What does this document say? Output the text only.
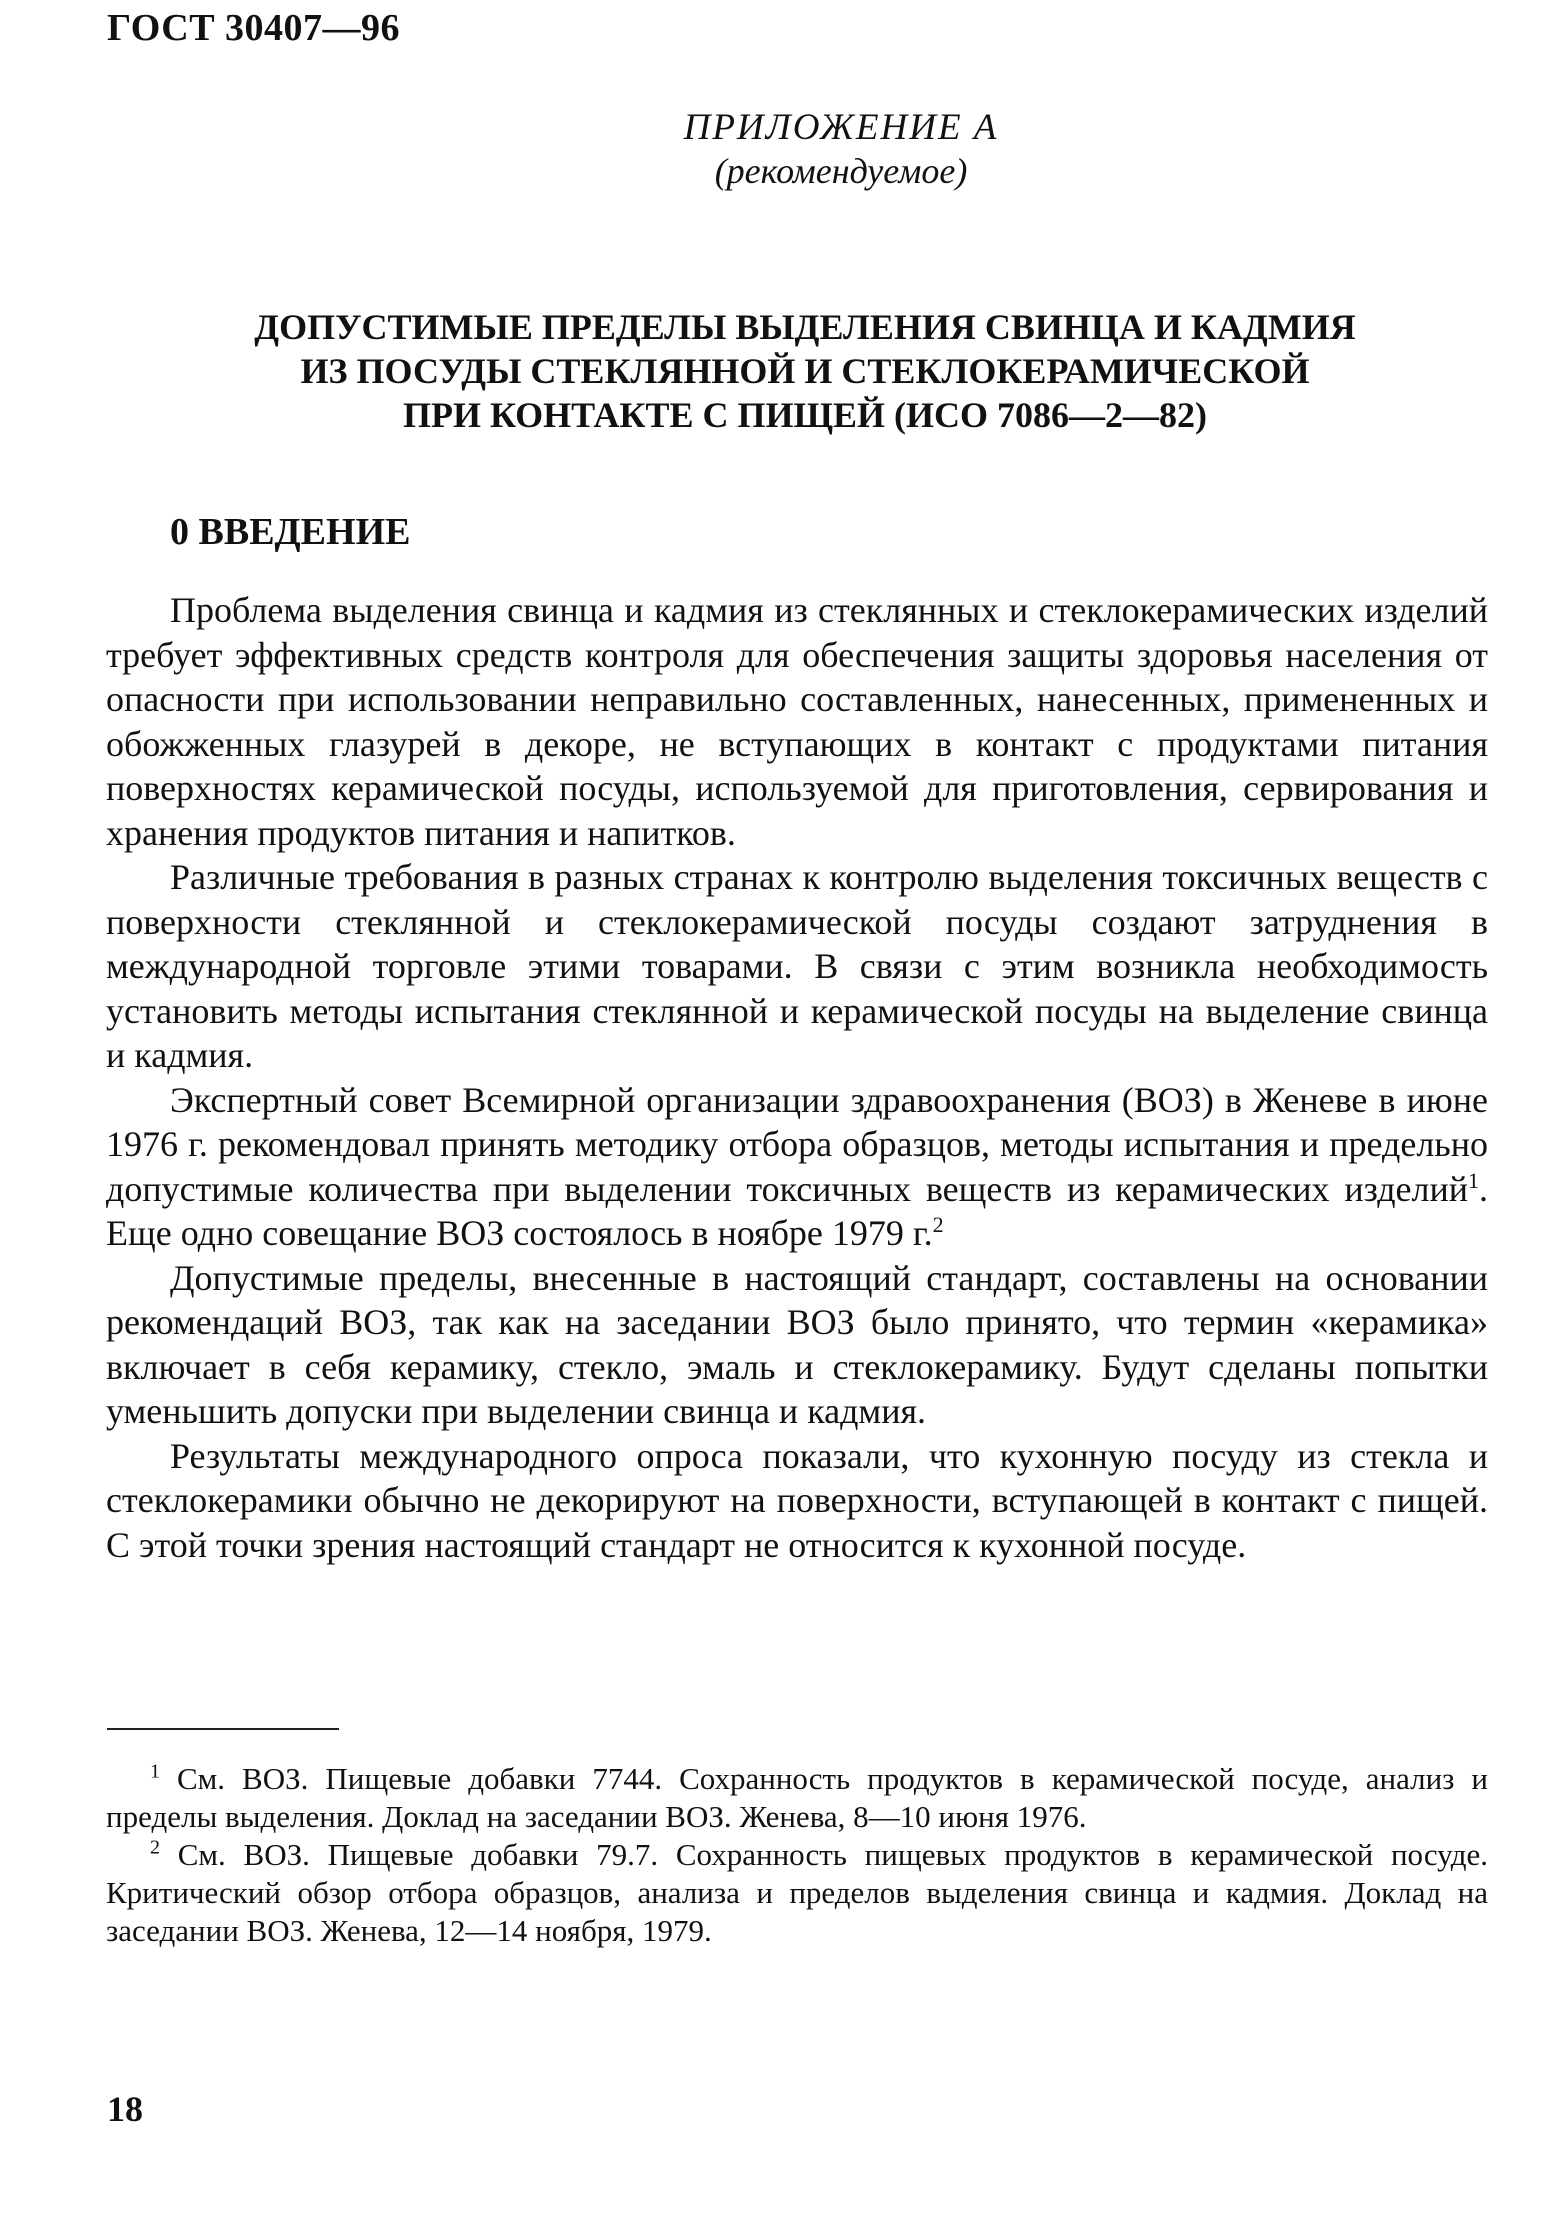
ГОСТ 30407—96
ПРИЛОЖЕНИЕ А
(рекомендуемое)
ДОПУСТИМЫЕ ПРЕДЕЛЫ ВЫДЕЛЕНИЯ СВИНЦА И КАДМИЯ
ИЗ ПОСУДЫ СТЕКЛЯННОЙ И СТЕКЛОКЕРАМИЧЕСКОЙ
ПРИ КОНТАКТЕ С ПИЩЕЙ (ИСО 7086—2—82)
0 ВВЕДЕНИЕ

Проблема выделения свинца и кадмия из стеклянных и стеклокерамических изделий требует эффективных средств контроля для обеспечения защиты здоровья населения от опасности при использовании неправильно составленных, нанесенных, примененных и обожженных глазурей в декоре, не вступающих в контакт с продуктами питания поверхностях керамической посуды, используемой для приготовления, сервирования и хранения продуктов питания и напитков.

Различные требования в разных странах к контролю выделения токсичных веществ с поверхности стеклянной и стеклокерамической посуды создают затруднения в международной торговле этими товарами. В связи с этим возникла необходимость установить методы испытания стеклянной и керамической посуды на выделение свинца и кадмия.

Экспертный совет Всемирной организации здравоохранения (ВОЗ) в Женеве в июне 1976 г. рекомендовал принять методику отбора образцов, методы испытания и предельно допустимые количества при выделении токсичных веществ из керамических изделий$^1$. Еще одно совещание ВОЗ состоялось в ноябре 1979 г.$^2$

Допустимые пределы, внесенные в настоящий стандарт, составлены на основании рекомендаций ВОЗ, так как на заседании ВОЗ было принято, что термин «керамика» включает в себя керамику, стекло, эмаль и стеклокерамику. Будут сделаны попытки уменьшить допуски при выделении свинца и кадмия.

Результаты международного опроса показали, что кухонную посуду из стекла и стеклокерамики обычно не декорируют на поверхности, вступающей в контакт с пищей. С этой точки зрения настоящий стандарт не относится к кухонной посуде.

$^1$ См. ВОЗ. Пищевые добавки 7744. Сохранность продуктов в керамической посуде, анализ и пределы выделения. Доклад на заседании ВОЗ. Женева, 8—10 июня 1976.

$^2$ См. ВОЗ. Пищевые добавки 79.7. Сохранность пищевых продуктов в керамической посуде. Критический обзор отбора образцов, анализа и пределов выделения свинца и кадмия. Доклад на заседании ВОЗ. Женева, 12—14 ноября, 1979.

18
